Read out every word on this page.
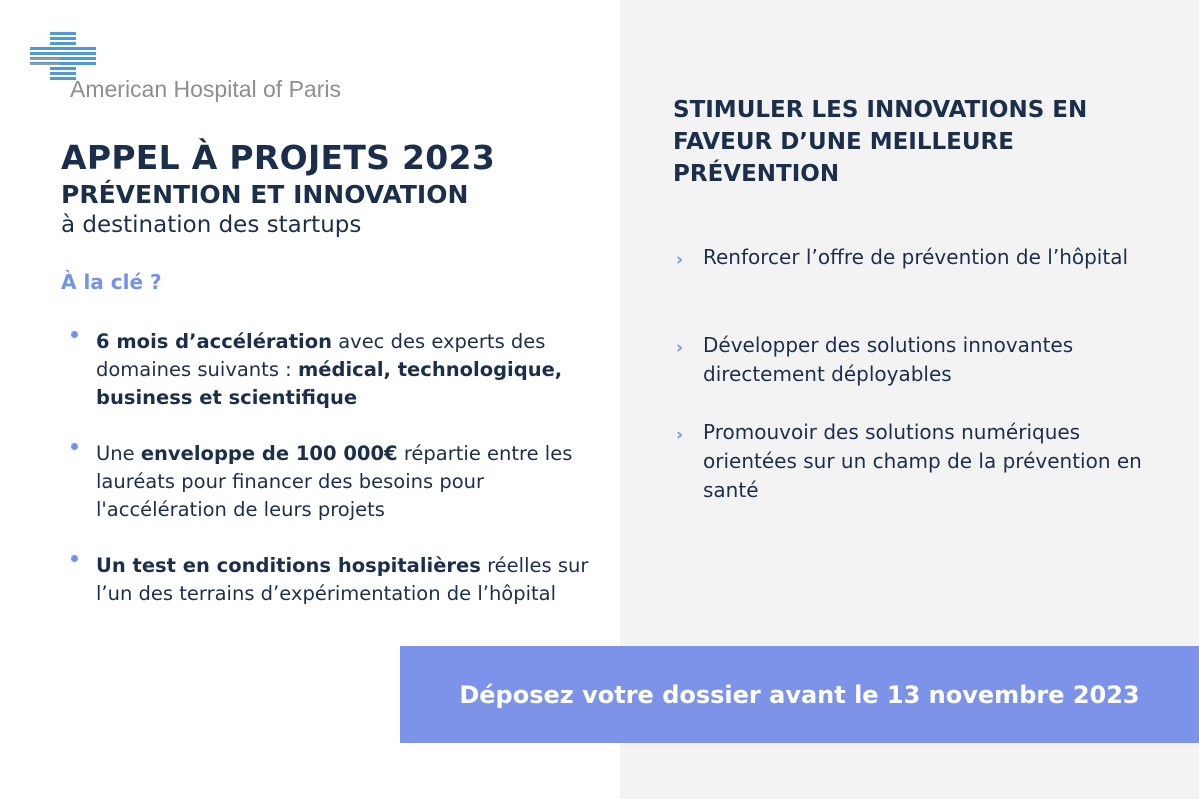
American Hospital of Paris
APPEL À PROJETS 2023
PRÉVENTION ET INNOVATION
à destination des startups
À la clé ?
6 mois d’accélération avec des experts des domaines suivants : médical, technologique, business et scientifique
Une enveloppe de 100 000€ répartie entre les lauréats pour financer des besoins pour l'accélération de leurs projets
Un test en conditions hospitalières réelles sur l’un des terrains d’expérimentation de l’hôpital
STIMULER LES INNOVATIONS EN FAVEUR D’UNE MEILLEURE PRÉVENTION
› Renforcer l’offre de prévention de l’hôpital
› Développer des solutions innovantes directement déployables
› Promouvoir des solutions numériques orientées sur un champ de la prévention en santé
Déposez votre dossier avant le 13 novembre 2023
